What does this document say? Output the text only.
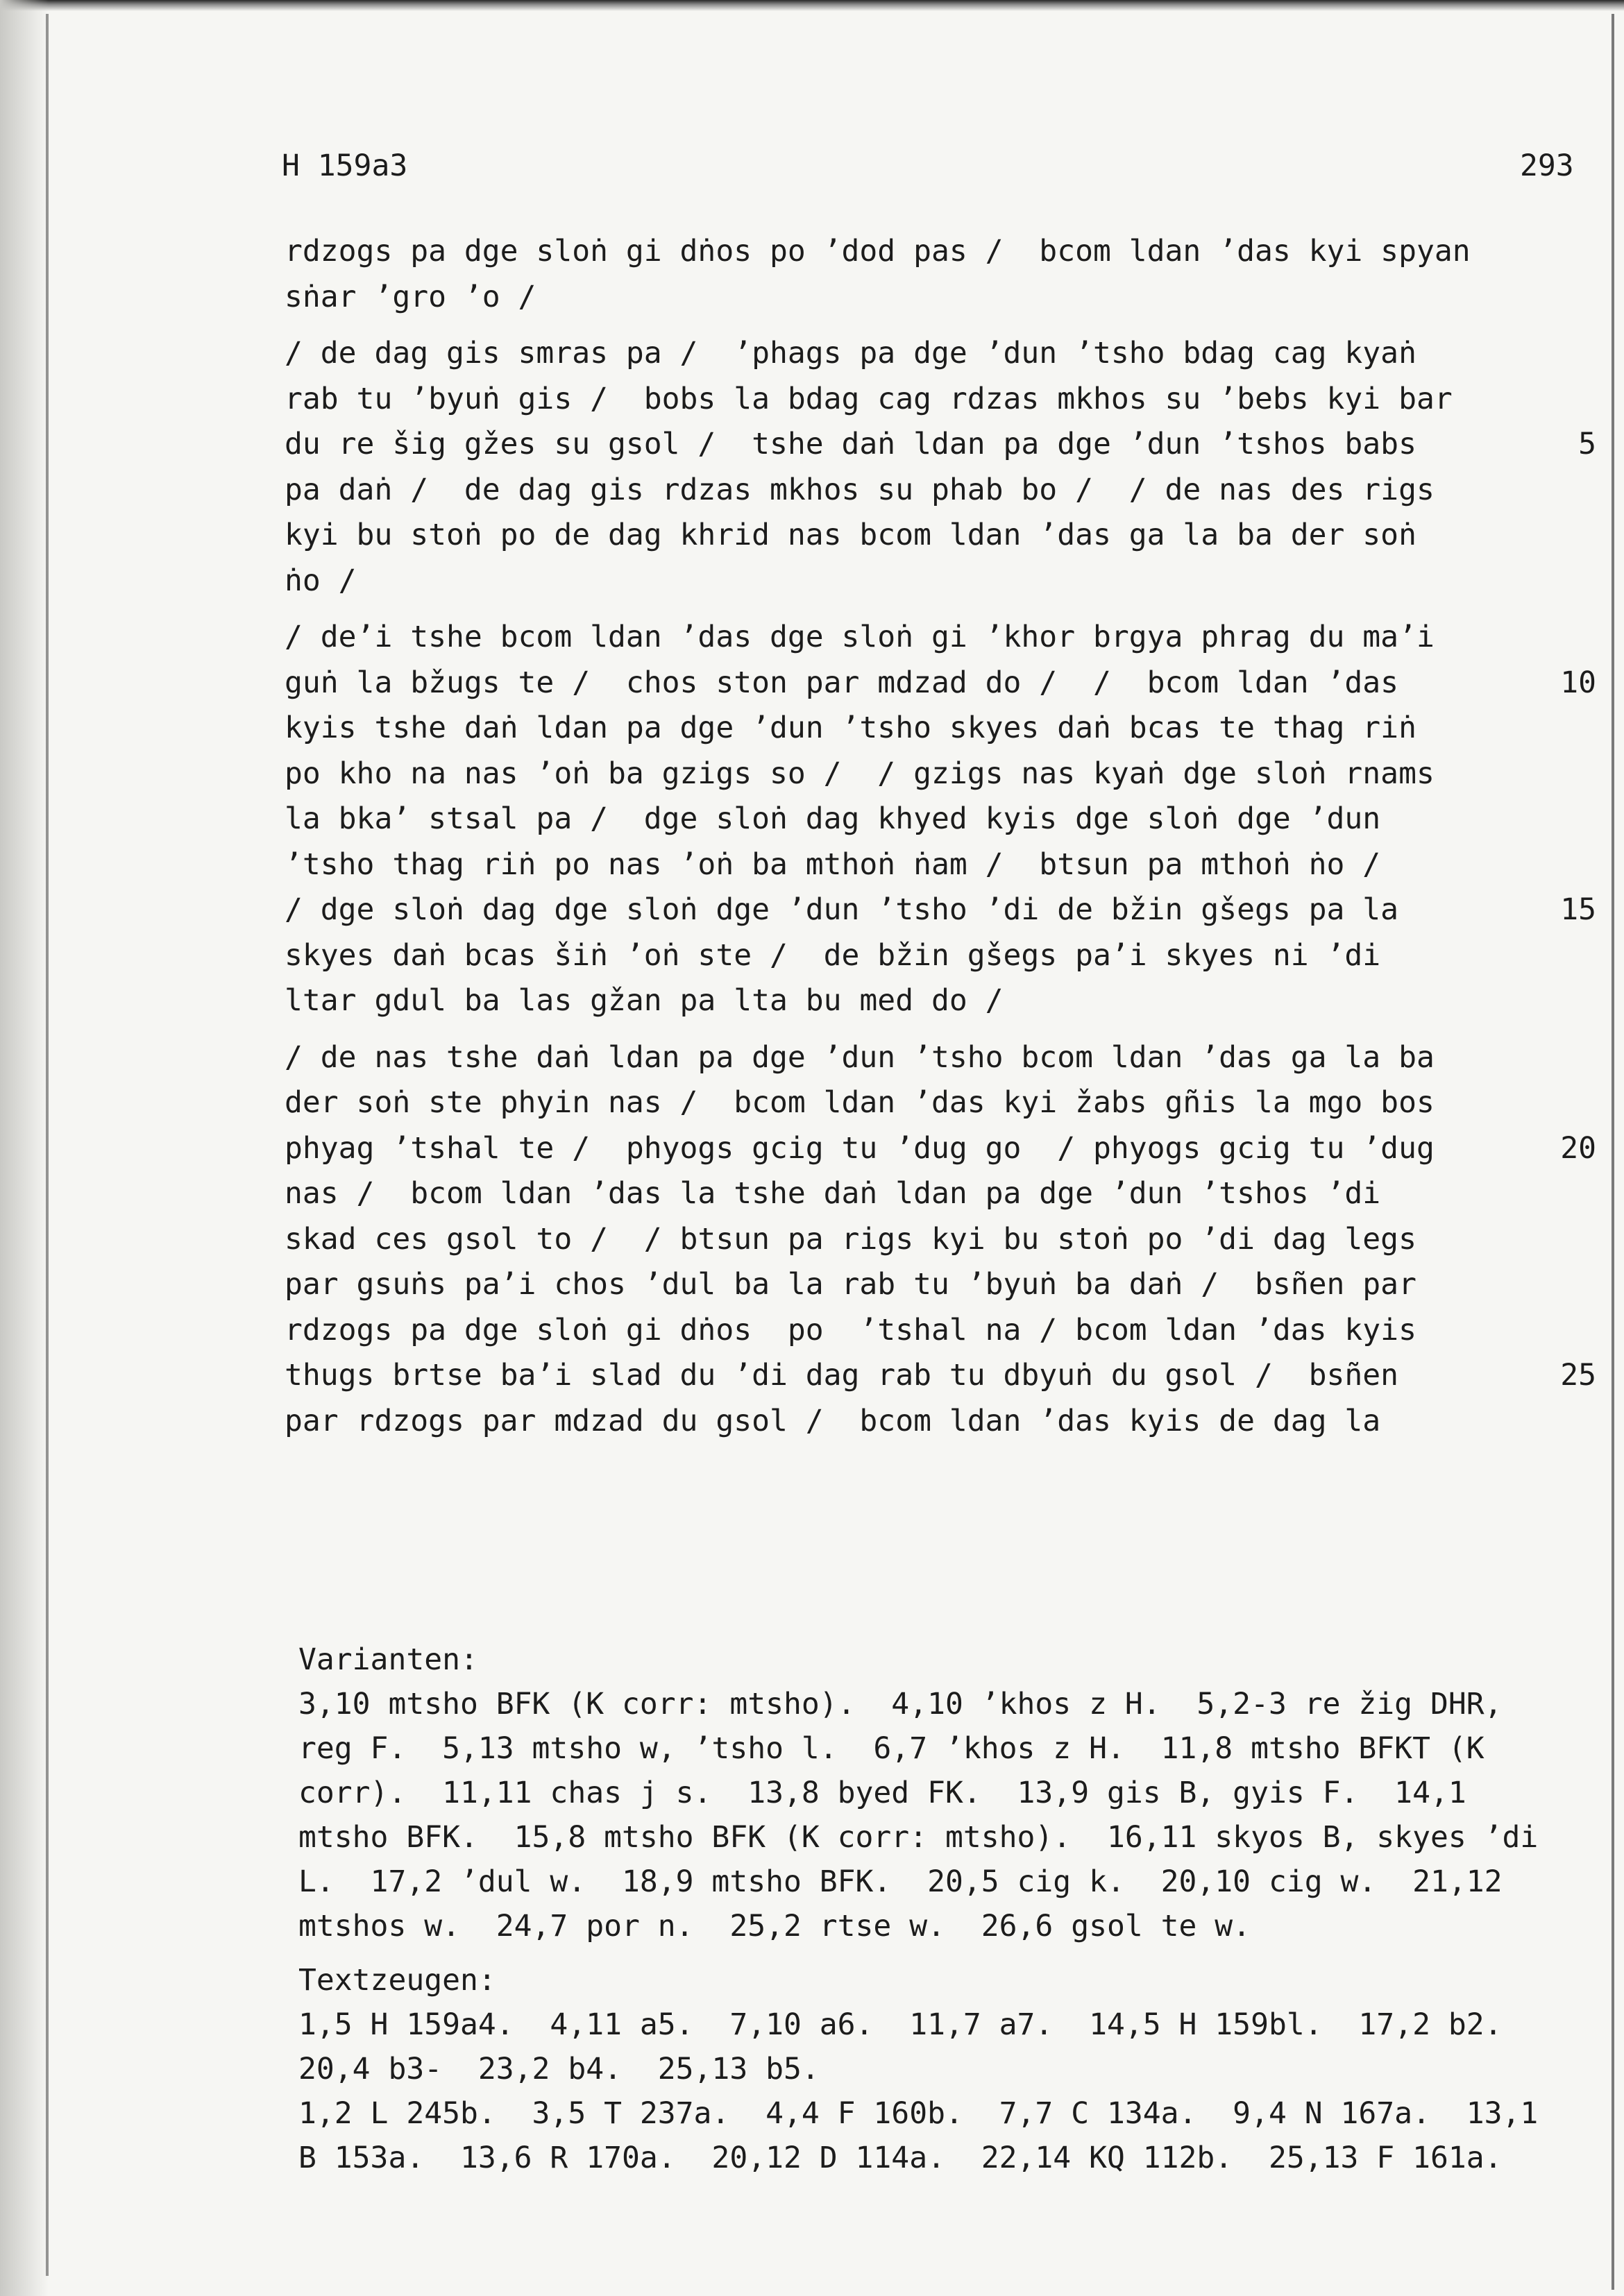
H 159a3	293
rdzogs pa dge sloṅ gi dṅos po ’dod pas /  bcom ldan ’das kyi spyan
sṅar ’gro ’o /
/ de dag gis smras pa /  ’phags pa dge ’dun ’tsho bdag cag kyaṅ
rab tu ’byuṅ gis /  bobs la bdag cag rdzas mkhos su ’bebs kyi bar
du re šig gžes su gsol /  tshe daṅ ldan pa dge ’dun ’tshos babs	5
pa daṅ /  de dag gis rdzas mkhos su phab bo /  / de nas des rigs
kyi bu stoṅ po de dag khrid nas bcom ldan ’das ga la ba der soṅ
ṅo /
/ de’i tshe bcom ldan ’das dge sloṅ gi ’khor brgya phrag du ma’i
guṅ la bžugs te /  chos ston par mdzad do /  /  bcom ldan ’das	10
kyis tshe daṅ ldan pa dge ’dun ’tsho skyes daṅ bcas te thag riṅ
po kho na nas ’oṅ ba gzigs so /  / gzigs nas kyaṅ dge sloṅ rnams
la bka’ stsal pa /  dge sloṅ dag khyed kyis dge sloṅ dge ’dun
’tsho thag riṅ po nas ’oṅ ba mthoṅ ṅam /  btsun pa mthoṅ ṅo /
/ dge sloṅ dag dge sloṅ dge ’dun ’tsho ’di de bžin gšegs pa la	15
skyes daṅ bcas šiṅ ’oṅ ste /  de bžin gšegs pa’i skyes ni ’di
ltar gdul ba las gžan pa lta bu med do /
/ de nas tshe daṅ ldan pa dge ’dun ’tsho bcom ldan ’das ga la ba
der soṅ ste phyin nas /  bcom ldan ’das kyi žabs gñis la mgo bos
phyag ’tshal te /  phyogs gcig tu ’dug go  / phyogs gcig tu ’dug	20
nas /  bcom ldan ’das la tshe daṅ ldan pa dge ’dun ’tshos ’di
skad ces gsol to /  / btsun pa rigs kyi bu stoṅ po ’di dag legs
par gsuṅs pa’i chos ’dul ba la rab tu ’byuṅ ba daṅ /  bsñen par
rdzogs pa dge sloṅ gi dṅos  po  ’tshal na / bcom ldan ’das kyis
thugs brtse ba’i slad du ’di dag rab tu dbyuṅ du gsol /  bsñen	25
par rdzogs par mdzad du gsol /  bcom ldan ’das kyis de dag la
Varianten:
3,10 mtsho BFK (K corr: mtsho).  4,10 ’khos z H.  5,2-3 re žig DHR,
reg F.  5,13 mtsho w, ’tsho l.  6,7 ’khos z H.  11,8 mtsho BFKT (K
corr).  11,11 chas j s.  13,8 byed FK.  13,9 gis B, gyis F.  14,1
mtsho BFK.  15,8 mtsho BFK (K corr: mtsho).  16,11 skyos B, skyes ’di
L.  17,2 ’dul w.  18,9 mtsho BFK.  20,5 cig k.  20,10 cig w.  21,12
mtshos w.  24,7 por n.  25,2 rtse w.  26,6 gsol te w.
Textzeugen:
1,5 H 159a4.  4,11 a5.  7,10 a6.  11,7 a7.  14,5 H 159bl.  17,2 b2.
20,4 b3-  23,2 b4.  25,13 b5.
1,2 L 245b.  3,5 T 237a.  4,4 F 160b.  7,7 C 134a.  9,4 N 167a.  13,1
B 153a.  13,6 R 170a.  20,12 D 114a.  22,14 KQ 112b.  25,13 F 161a.
